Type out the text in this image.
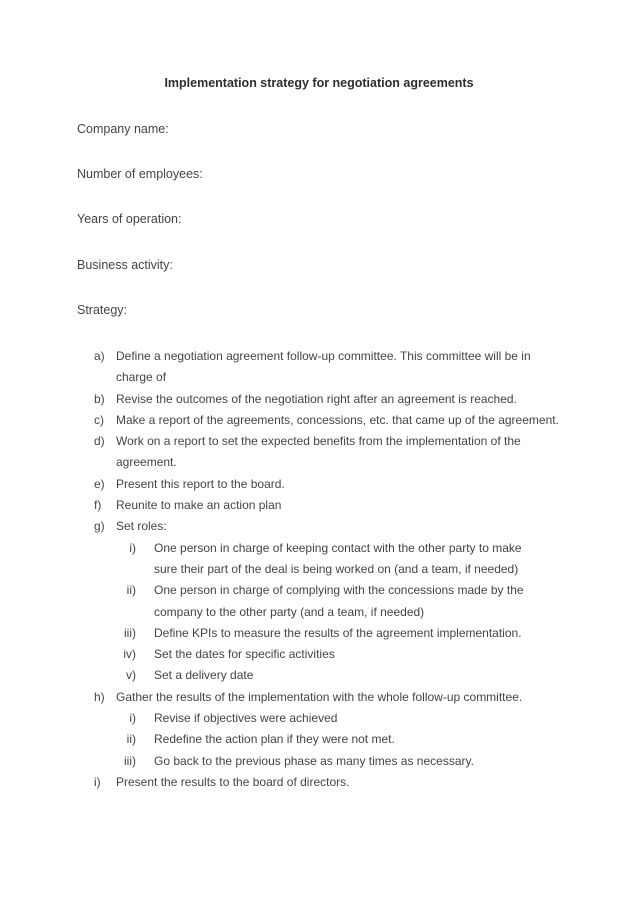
Implementation strategy for negotiation agreements
Company name:
Number of employees:
Years of operation:
Business activity:
Strategy:
a) Define a negotiation agreement follow-up committee. This committee will be in charge of
b) Revise the outcomes of the negotiation right after an agreement is reached.
c) Make a report of the agreements, concessions, etc. that came up of the agreement.
d) Work on a report to set the expected benefits from the implementation of the agreement.
e) Present this report to the board.
f) Reunite to make an action plan
g) Set roles:
i) One person in charge of keeping contact with the other party to make sure their part of the deal is being worked on (and a team, if needed)
ii) One person in charge of complying with the concessions made by the company to the other party (and a team, if needed)
iii) Define KPIs to measure the results of the agreement implementation.
iv) Set the dates for specific activities
v) Set a delivery date
h) Gather the results of the implementation with the whole follow-up committee.
i) Revise if objectives were achieved
ii) Redefine the action plan if they were not met.
iii) Go back to the previous phase as many times as necessary.
i) Present the results to the board of directors.
